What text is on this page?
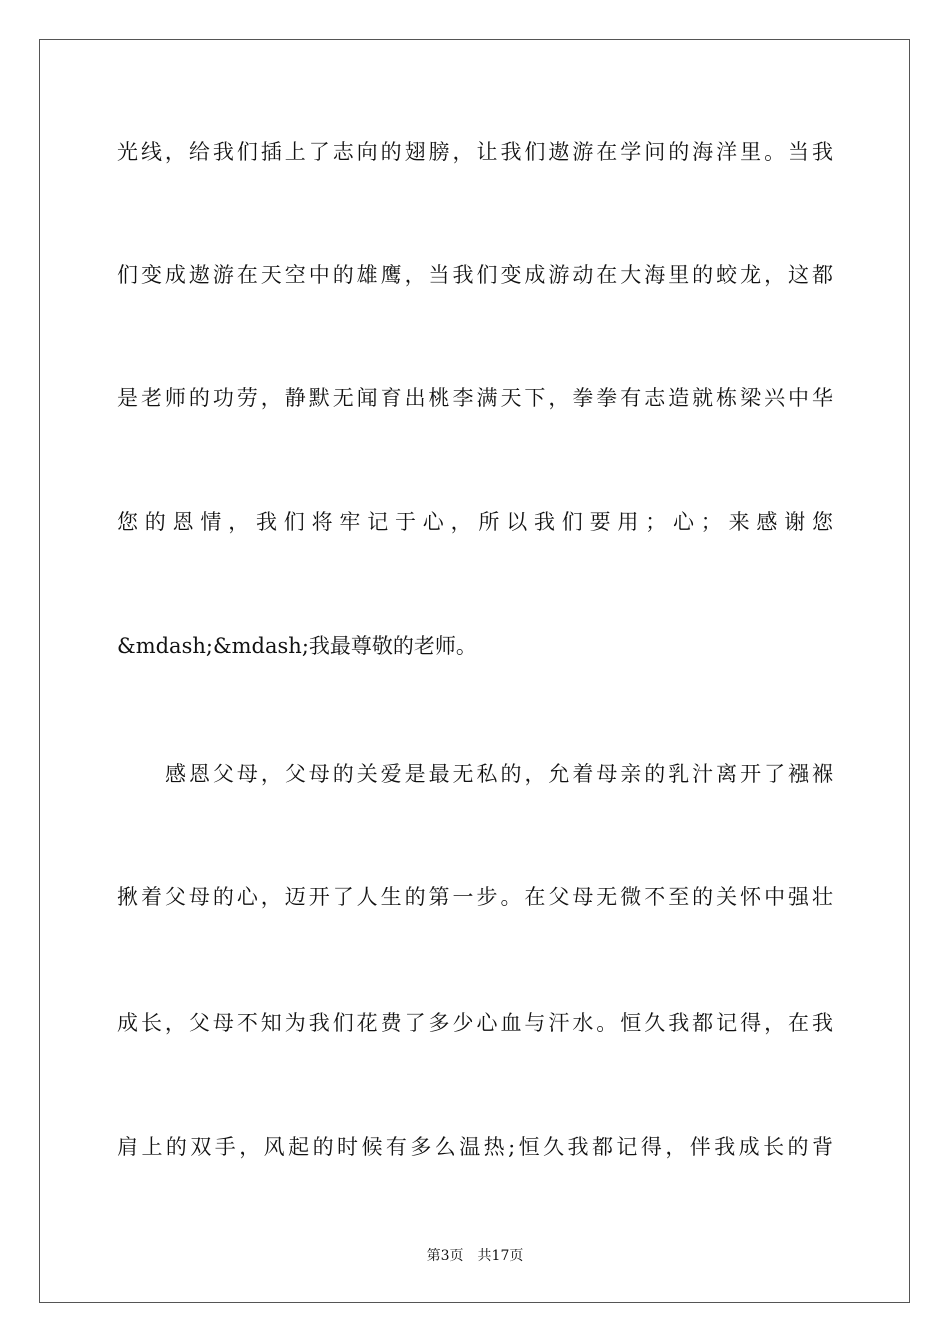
光线，给我们插上了志向的翅膀，让我们遨游在学问的海洋里。当我
们变成遨游在天空中的雄鹰，当我们变成游动在大海里的蛟龙，这都
是老师的功劳，静默无闻育出桃李满天下，拳拳有志造就栋梁兴中华
您的恩情，我们将牢记于心，所以我们要用；心；来感谢您
&mdash;&mdash;我最尊敬的老师。
感恩父母，父母的关爱是最无私的，允着母亲的乳汁离开了襁褓
揪着父母的心，迈开了人生的第一步。在父母无微不至的关怀中强壮
成长，父母不知为我们花费了多少心血与汗水。恒久我都记得，在我
肩上的双手，风起的时候有多么温热;恒久我都记得，伴我成长的背
第3页 共17页
